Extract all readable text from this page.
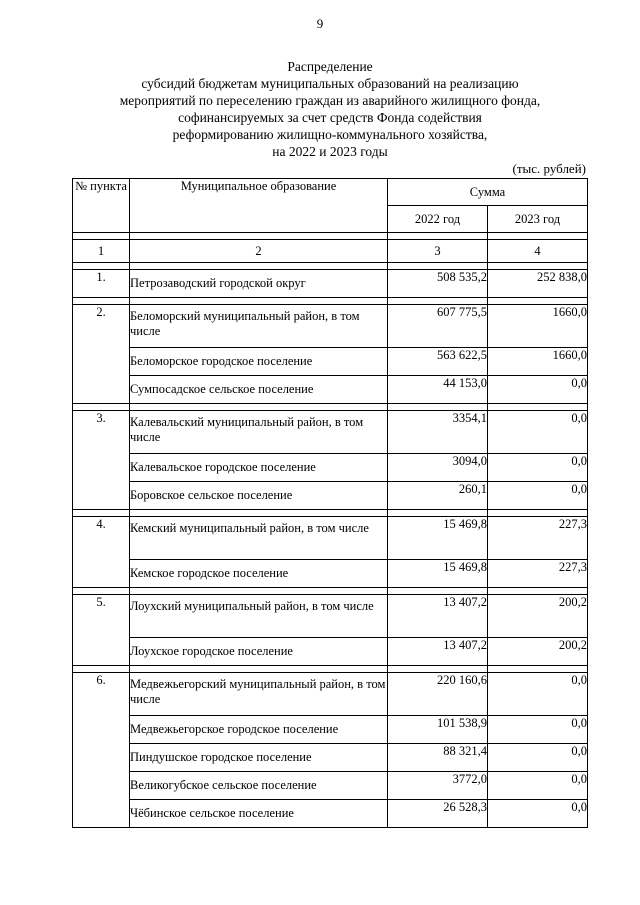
9
Распределение
субсидий бюджетам муниципальных образований на реализацию
мероприятий по переселению граждан из аварийного жилищного фонда,
софинансируемых за счет средств Фонда содействия
реформированию жилищно-коммунального хозяйства,
на 2022 и 2023 годы
(тыс. рублей)
№ пункта	Муниципальное образование	Сумма	
		2022 год	2023 год

1	2	3	4

1.	Петрозаводский городской округ	508 535,2	252 838,0

2.	Беломорский муниципальный район, в том числе	607 775,5	1660,0
	Беломорское городское поселение	563 622,5	1660,0
	Сумпосадское сельское поселение	44 153,0	0,0

3.	Калевальский муниципальный район, в том числе	3354,1	0,0
	Калевальское городское поселение	3094,0	0,0
	Боровское сельское поселение	260,1	0,0

4.	Кемский муниципальный район, в том числе	15 469,8	227,3
	Кемское городское поселение	15 469,8	227,3

5.	Лоухский муниципальный район, в том числе	13 407,2	200,2
	Лоухское городское поселение	13 407,2	200,2

6.	Медвежьегорский муниципальный район, в том числе	220 160,6	0,0
	Медвежьегорское городское поселение	101 538,9	0,0
	Пиндушское городское поселение	88 321,4	0,0
	Великогубское сельское поселение	3772,0	0,0
	Чёбинское сельское поселение	26 528,3	0,0
